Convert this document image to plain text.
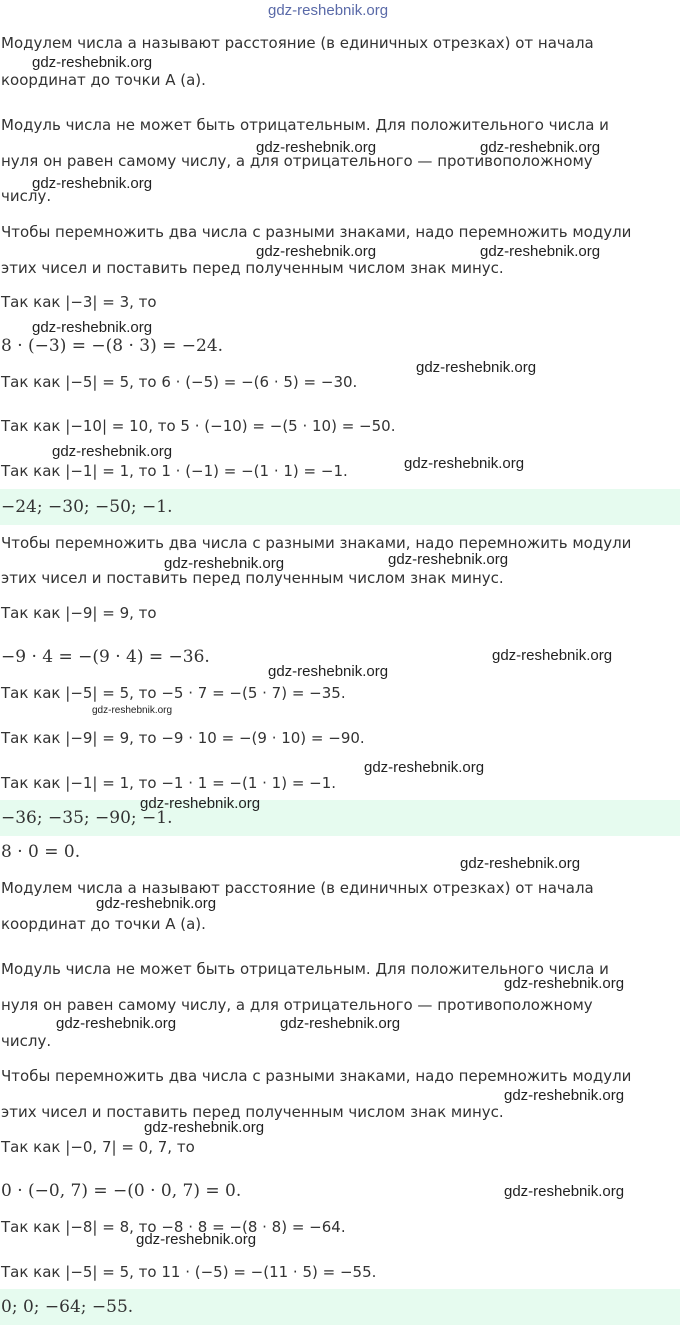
gdz-reshebnik.org
Модулем числа a называют расстояние (в единичных отрезках) от начала
координат до точки A (a).
Модуль числа не может быть отрицательным. Для положительного числа и
нуля он равен самому числу, а для отрицательного — противоположному
числу.
Чтобы перемножить два числа с разными знаками, надо перемножить модули
этих чисел и поставить перед полученным числом знак минус.
Так как |−3| = 3, то
8 · (−3) = −(8 · 3) = −24.
Так как |−5| = 5, то 6 · (−5) = −(6 · 5) = −30.
Так как |−10| = 10, то 5 · (−10) = −(5 · 10) = −50.
Так как |−1| = 1, то 1 · (−1) = −(1 · 1) = −1.
−24; −30; −50; −1.
Чтобы перемножить два числа с разными знаками, надо перемножить модули
этих чисел и поставить перед полученным числом знак минус.
Так как |−9| = 9, то
−9 · 4 = −(9 · 4) = −36.
Так как |−5| = 5, то −5 · 7 = −(5 · 7) = −35.
Так как |−9| = 9, то −9 · 10 = −(9 · 10) = −90.
Так как |−1| = 1, то −1 · 1 = −(1 · 1) = −1.
−36; −35; −90; −1.
8 · 0 = 0.
Модулем числа a называют расстояние (в единичных отрезках) от начала
координат до точки A (a).
Модуль числа не может быть отрицательным. Для положительного числа и
нуля он равен самому числу, а для отрицательного — противоположному
числу.
Чтобы перемножить два числа с разными знаками, надо перемножить модули
этих чисел и поставить перед полученным числом знак минус.
Так как |−0, 7| = 0, 7, то
0 · (−0, 7) = −(0 · 0, 7) = 0.
Так как |−8| = 8, то −8 · 8 = −(8 · 8) = −64.
Так как |−5| = 5, то 11 · (−5) = −(11 · 5) = −55.
0; 0; −64; −55.
gdz-reshebnik.org
gdz-reshebnik.org	gdz-reshebnik.org
gdz-reshebnik.org
gdz-reshebnik.org	gdz-reshebnik.org
gdz-reshebnik.org
gdz-reshebnik.org
gdz-reshebnik.org
gdz-reshebnik.org
gdz-reshebnik.org	gdz-reshebnik.org
gdz-reshebnik.org
gdz-reshebnik.org
gdz-reshebnik.org
gdz-reshebnik.org
gdz-reshebnik.org
gdz-reshebnik.org
gdz-reshebnik.org
gdz-reshebnik.org
gdz-reshebnik.org	gdz-reshebnik.org
gdz-reshebnik.org
gdz-reshebnik.org
gdz-reshebnik.org
gdz-reshebnik.org
